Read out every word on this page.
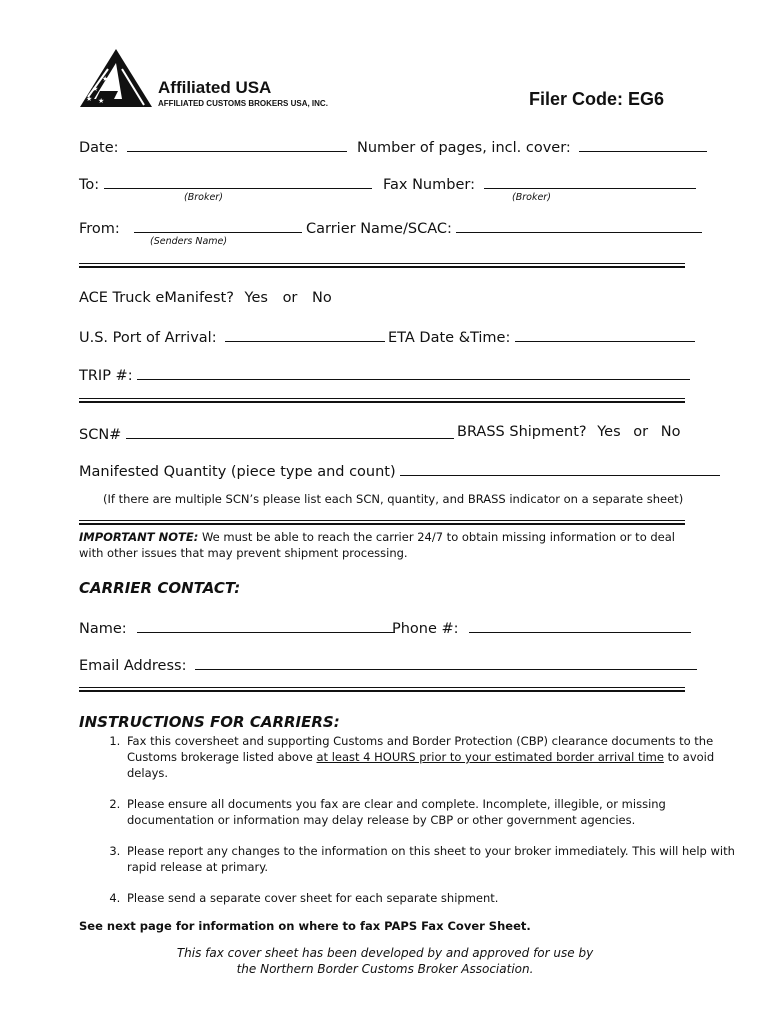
★
★ ★
★	Affiliated USA
AFFILIATED CUSTOMS BROKERS USA, INC.	Filer Code: EG6
Date:	Number of pages, incl. cover:
To:
(Broker)
Fax Number:
(Broker)
From:
(Senders Name)
Carrier Name/SCAC:
ACE Truck eManifest? Yes or No
U.S. Port of Arrival:	ETA Date &Time:
TRIP #:
SCN#	BRASS Shipment? Yes or No
Manifested Quantity (piece type and count)
(If there are multiple SCN’s please list each SCN, quantity, and BRASS indicator on a separate sheet)
IMPORTANT NOTE: We must be able to reach the carrier 24/7 to obtain missing information or to deal with other issues that may prevent shipment processing.
CARRIER CONTACT:
Name:	Phone #:
Email Address:
INSTRUCTIONS FOR CARRIERS:
1. Fax this coversheet and supporting Customs and Border Protection (CBP) clearance documents to the Customs brokerage listed above at least 4 HOURS prior to your estimated border arrival time to avoid delays.
2. Please ensure all documents you fax are clear and complete. Incomplete, illegible, or missing documentation or information may delay release by CBP or other government agencies.
3. Please report any changes to the information on this sheet to your broker immediately. This will help with rapid release at primary.
4. Please send a separate cover sheet for each separate shipment.
See next page for information on where to fax PAPS Fax Cover Sheet.
This fax cover sheet has been developed by and approved for use by
the Northern Border Customs Broker Association.
